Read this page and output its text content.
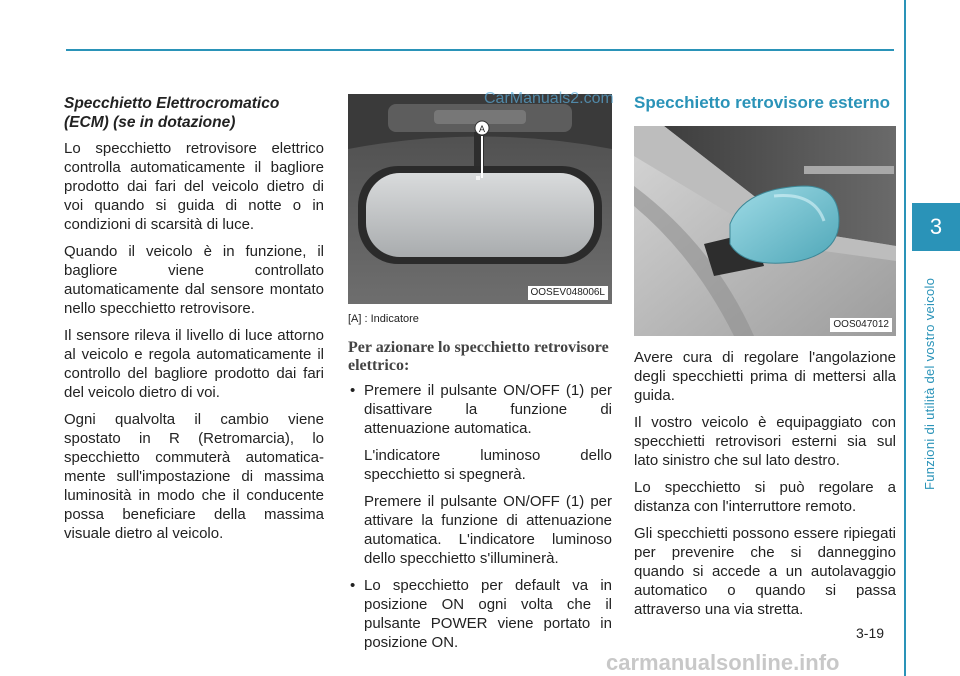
3
Funzioni di utilità del vostro veicolo
Specchietto Elettrocromatico (ECM) (se in dotazione)

Lo specchietto retrovisore elettrico controlla automaticamente il bagliore prodotto dai fari del veicolo dietro di voi quando si guida di notte o in condizioni di scarsità di luce.

Quando il veicolo è in funzione, il bagliore viene controllato automaticamente dal sensore montato nello specchietto retrovisore.

Il sensore rileva il livello di luce attorno al veicolo e regola automaticamente il controllo del bagliore prodotto dai fari del veicolo dietro di voi.

Ogni qualvolta il cambio viene spostato in R (Retromarcia), lo specchietto commuterà automatica-mente sull'impostazione di massima luminosità in modo che il conducente possa beneficiare della massima visuale dietro al veicolo.

A
OOSEV048006L
[A] : Indicatore
Per azionare lo specchietto retrovisore elettrico:
• Premere il pulsante ON/OFF (1) per disattivare la funzione di attenuazione automatica.

L'indicatore luminoso dello specchietto si spegnerà.

Premere il pulsante ON/OFF (1) per attivare la funzione di attenuazione automatica. L'indicatore luminoso dello specchietto s'illuminerà.

• Lo specchietto per default va in posizione ON ogni volta che il pulsante POWER viene portato in posizione ON.

Specchietto retrovisore esterno
OOS047012

Avere cura di regolare l'angolazione degli specchietti prima di mettersi alla guida.

Il vostro veicolo è equipaggiato con specchietti retrovisori esterni sia sul lato sinistro che sul lato destro.

Lo specchietto si può regolare a distanza con l'interruttore remoto.

Gli specchietti possono essere ripiegati per prevenire che si danneggino quando si accede a un autolavaggio automatico o quando si passa attraverso una via stretta.

3-19
CarManuals2.com
carmanualsonline.info
